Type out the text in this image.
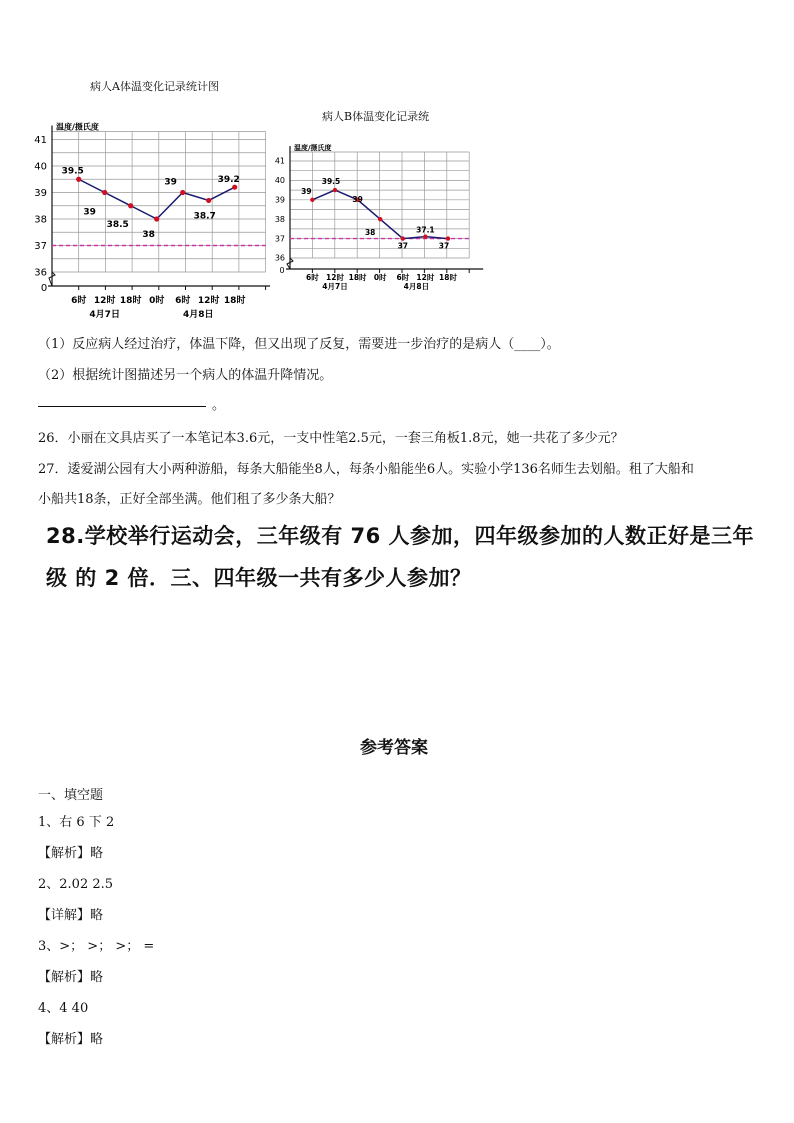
病人A体温变化记录统计图
温度/摄氏度
36
37
38
39
40
41
0
39.5
39
38.5
38
39
38.7
39.2
6时 12时 18时 0时 6时 12时 18时
4月7日	4月8日
病人B体温变化记录统
温度/摄氏度
36
37
38
39
40
41
0
39
39.5
39
38
37
37.1
37
6时 12时 18时 0时 6时 12时 18时
4月7日	4月8日
（1）反应病人经过治疗，体温下降，但又出现了反复，需要进一步治疗的是病人（____）。
（2）根据统计图描述另一个病人的体温升降情况。
。
26．小丽在文具店买了一本笔记本3.6元，一支中性笔2.5元，一套三角板1.8元，她一共花了多少元？
27．逶爱湖公园有大小两种游船，每条大船能坐8人，每条小船能坐6人。实验小学136名师生去划船。租了大船和
小船共18条，正好全部坐满。他们租了多少条大船？
28.学校举行运动会，三年级有 76 人参加，四年级参加的人数正好是三年
级 的 2 倍．三、四年级一共有多少人参加？
参考答案
一、填空题
1、右 6 下 2
【解析】略
2、2.02 2.5
【详解】略
3、>； >； >； =
【解析】略
4、4 40
【解析】略
